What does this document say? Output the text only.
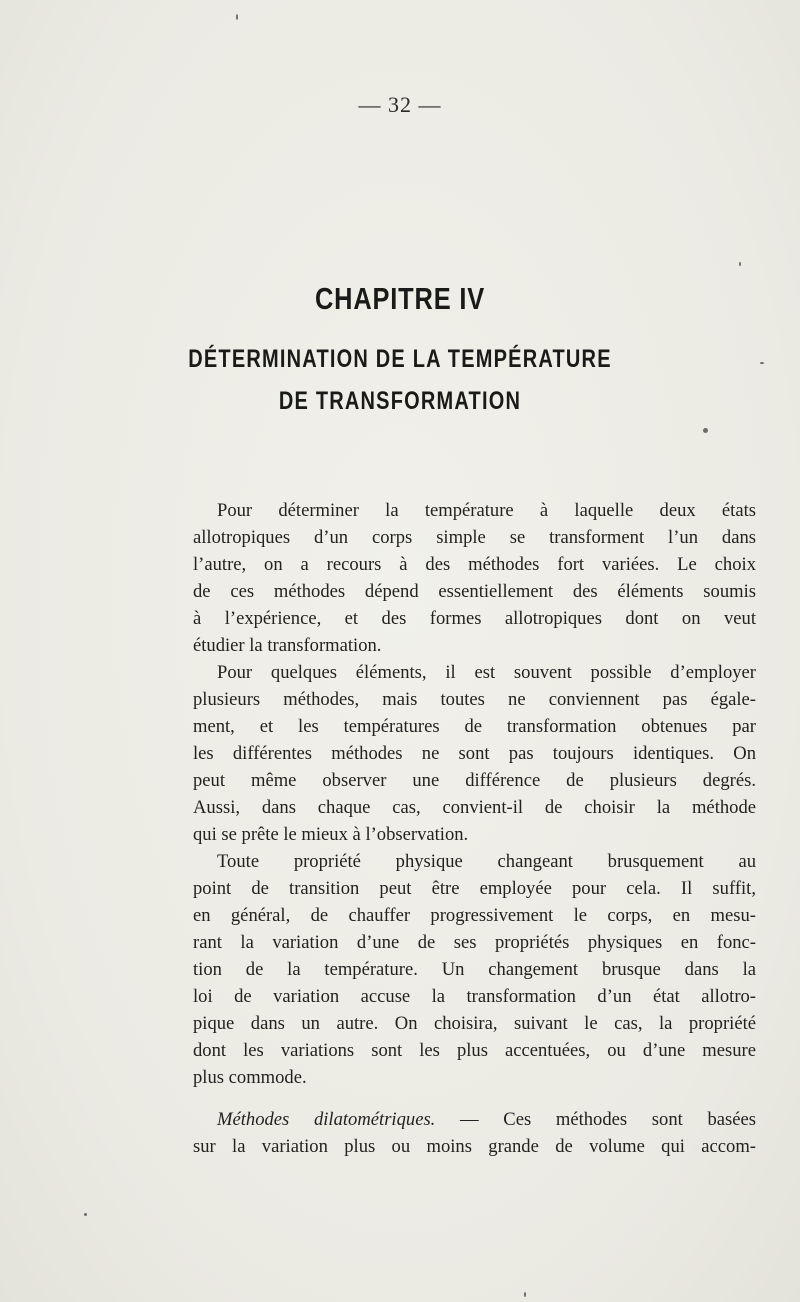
— 32 —
CHAPITRE IV
DÉTERMINATION DE LA TEMPÉRATURE
DE TRANSFORMATION
Pour déterminer la température à laquelle deux états
allotropiques d’un corps simple se transforment l’un dans
l’autre, on a recours à des méthodes fort variées. Le choix
de ces méthodes dépend essentiellement des éléments soumis
à l’expérience, et des formes allotropiques dont on veut
étudier la transformation.
Pour quelques éléments, il est souvent possible d’employer
plusieurs méthodes, mais toutes ne conviennent pas égale-
ment, et les températures de transformation obtenues par
les différentes méthodes ne sont pas toujours identiques. On
peut même observer une différence de plusieurs degrés.
Aussi, dans chaque cas, convient-il de choisir la méthode
qui se prête le mieux à l’observation.
Toute propriété physique changeant brusquement au
point de transition peut être employée pour cela. Il suffit,
en général, de chauffer progressivement le corps, en mesu-
rant la variation d’une de ses propriétés physiques en fonc-
tion de la température. Un changement brusque dans la
loi de variation accuse la transformation d’un état allotro-
pique dans un autre. On choisira, suivant le cas, la propriété
dont les variations sont les plus accentuées, ou d’une mesure
plus commode.
Méthodes dilatométriques. — Ces méthodes sont basées
sur la variation plus ou moins grande de volume qui accom-
